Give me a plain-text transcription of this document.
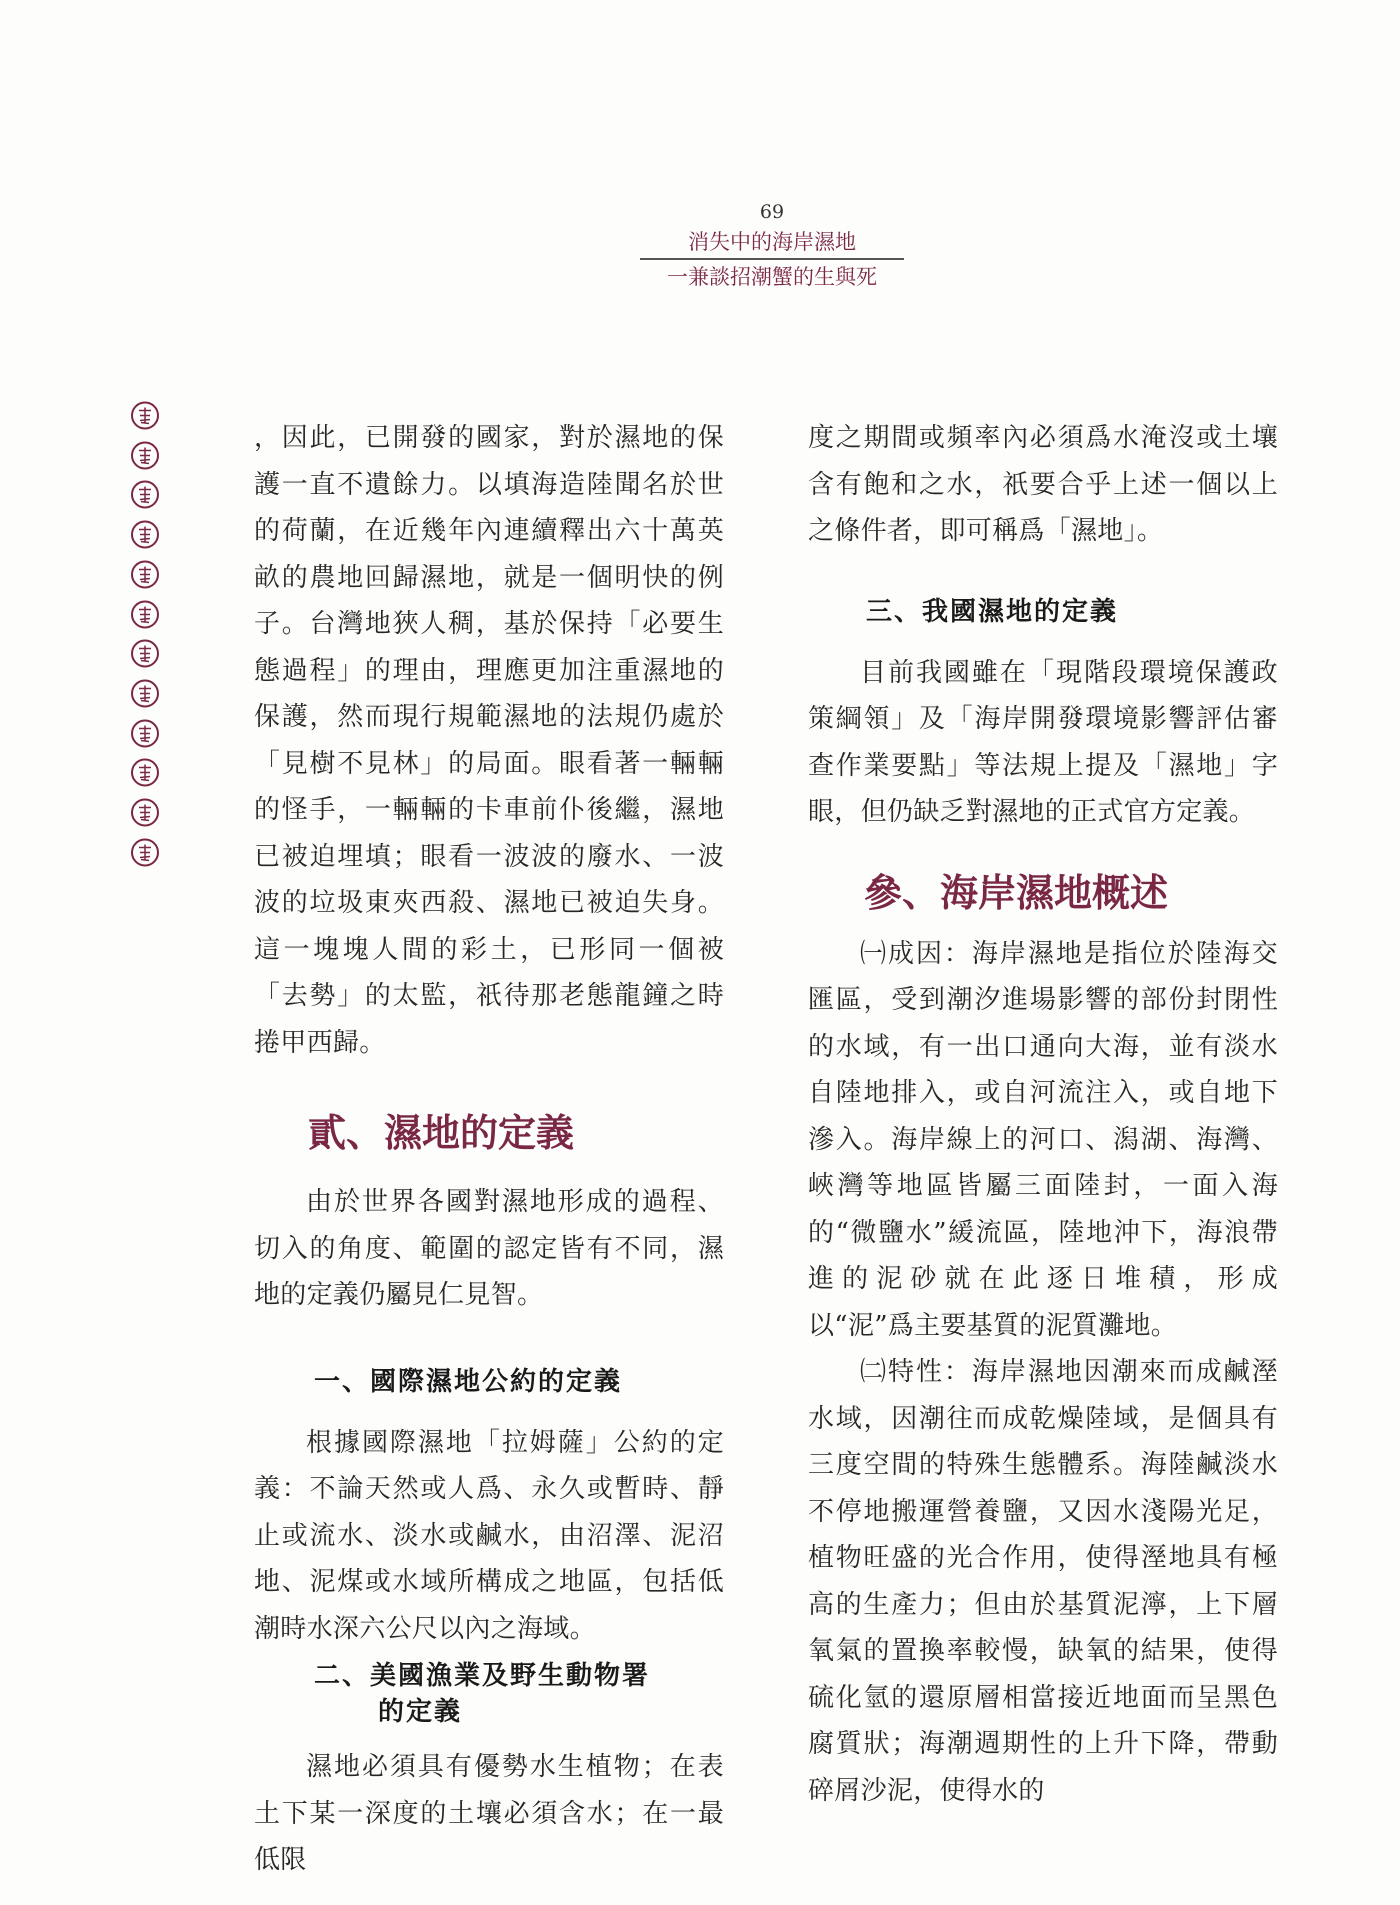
69
消失中的海岸濕地
一兼談招潮蟹的生與死

，因此，已開發的國家，對於濕地的保護一直不遺餘力。以填海造陸聞名於世的荷蘭，在近幾年內連續釋出六十萬英畝的農地回歸濕地，就是一個明快的例子。台灣地狹人稠，基於保持「必要生態過程」的理由，理應更加注重濕地的保護，然而現行規範濕地的法規仍處於「見樹不見林」的局面。眼看著一輛輛的怪手，一輛輛的卡車前仆後繼，濕地已被迫埋填；眼看一波波的廢水、一波波的垃圾東夾西殺、濕地已被迫失身。這一塊塊人間的彩土，已形同一個被「去勢」的太監，祇待那老態龍鐘之時捲甲西歸。

貳、濕地的定義

由於世界各國對濕地形成的過程、切入的角度、範圍的認定皆有不同，濕地的定義仍屬見仁見智。

一、國際濕地公約的定義

根據國際濕地「拉姆薩」公約的定義：不論天然或人爲、永久或暫時、靜止或流水、淡水或鹹水，由沼澤、泥沼地、泥煤或水域所構成之地區，包括低潮時水深六公尺以內之海域。

二、美國漁業及野生動物署
的定義

濕地必須具有優勢水生植物；在表土下某一深度的土壤必須含水；在一最低限

度之期間或頻率內必須爲水淹沒或土壤含有飽和之水，祇要合乎上述一個以上之條件者，即可稱爲「濕地」。

三、我國濕地的定義

目前我國雖在「現階段環境保護政策綱領」及「海岸開發環境影響評估審查作業要點」等法規上提及「濕地」字眼，但仍缺乏對濕地的正式官方定義。

參、海岸濕地概述

㈠成因：海岸濕地是指位於陸海交匯區，受到潮汐進場影響的部份封閉性的水域，有一出口通向大海，並有淡水自陸地排入，或自河流注入，或自地下滲入。海岸線上的河口、潟湖、海灣、峽灣等地區皆屬三面陸封，一面入海的“微鹽水”緩流區，陸地沖下，海浪帶進的泥砂就在此逐日堆積，形成以“泥”爲主要基質的泥質灘地。

㈡特性：海岸濕地因潮來而成鹹溼水域，因潮往而成乾燥陸域，是個具有三度空間的特殊生態體系。海陸鹹淡水不停地搬運營養鹽，又因水淺陽光足，植物旺盛的光合作用，使得溼地具有極高的生產力；但由於基質泥濘，上下層氧氣的置換率較慢，缺氧的結果，使得硫化氫的還原層相當接近地面而呈黑色腐質狀；海潮週期性的上升下降，帶動碎屑沙泥，使得水的
